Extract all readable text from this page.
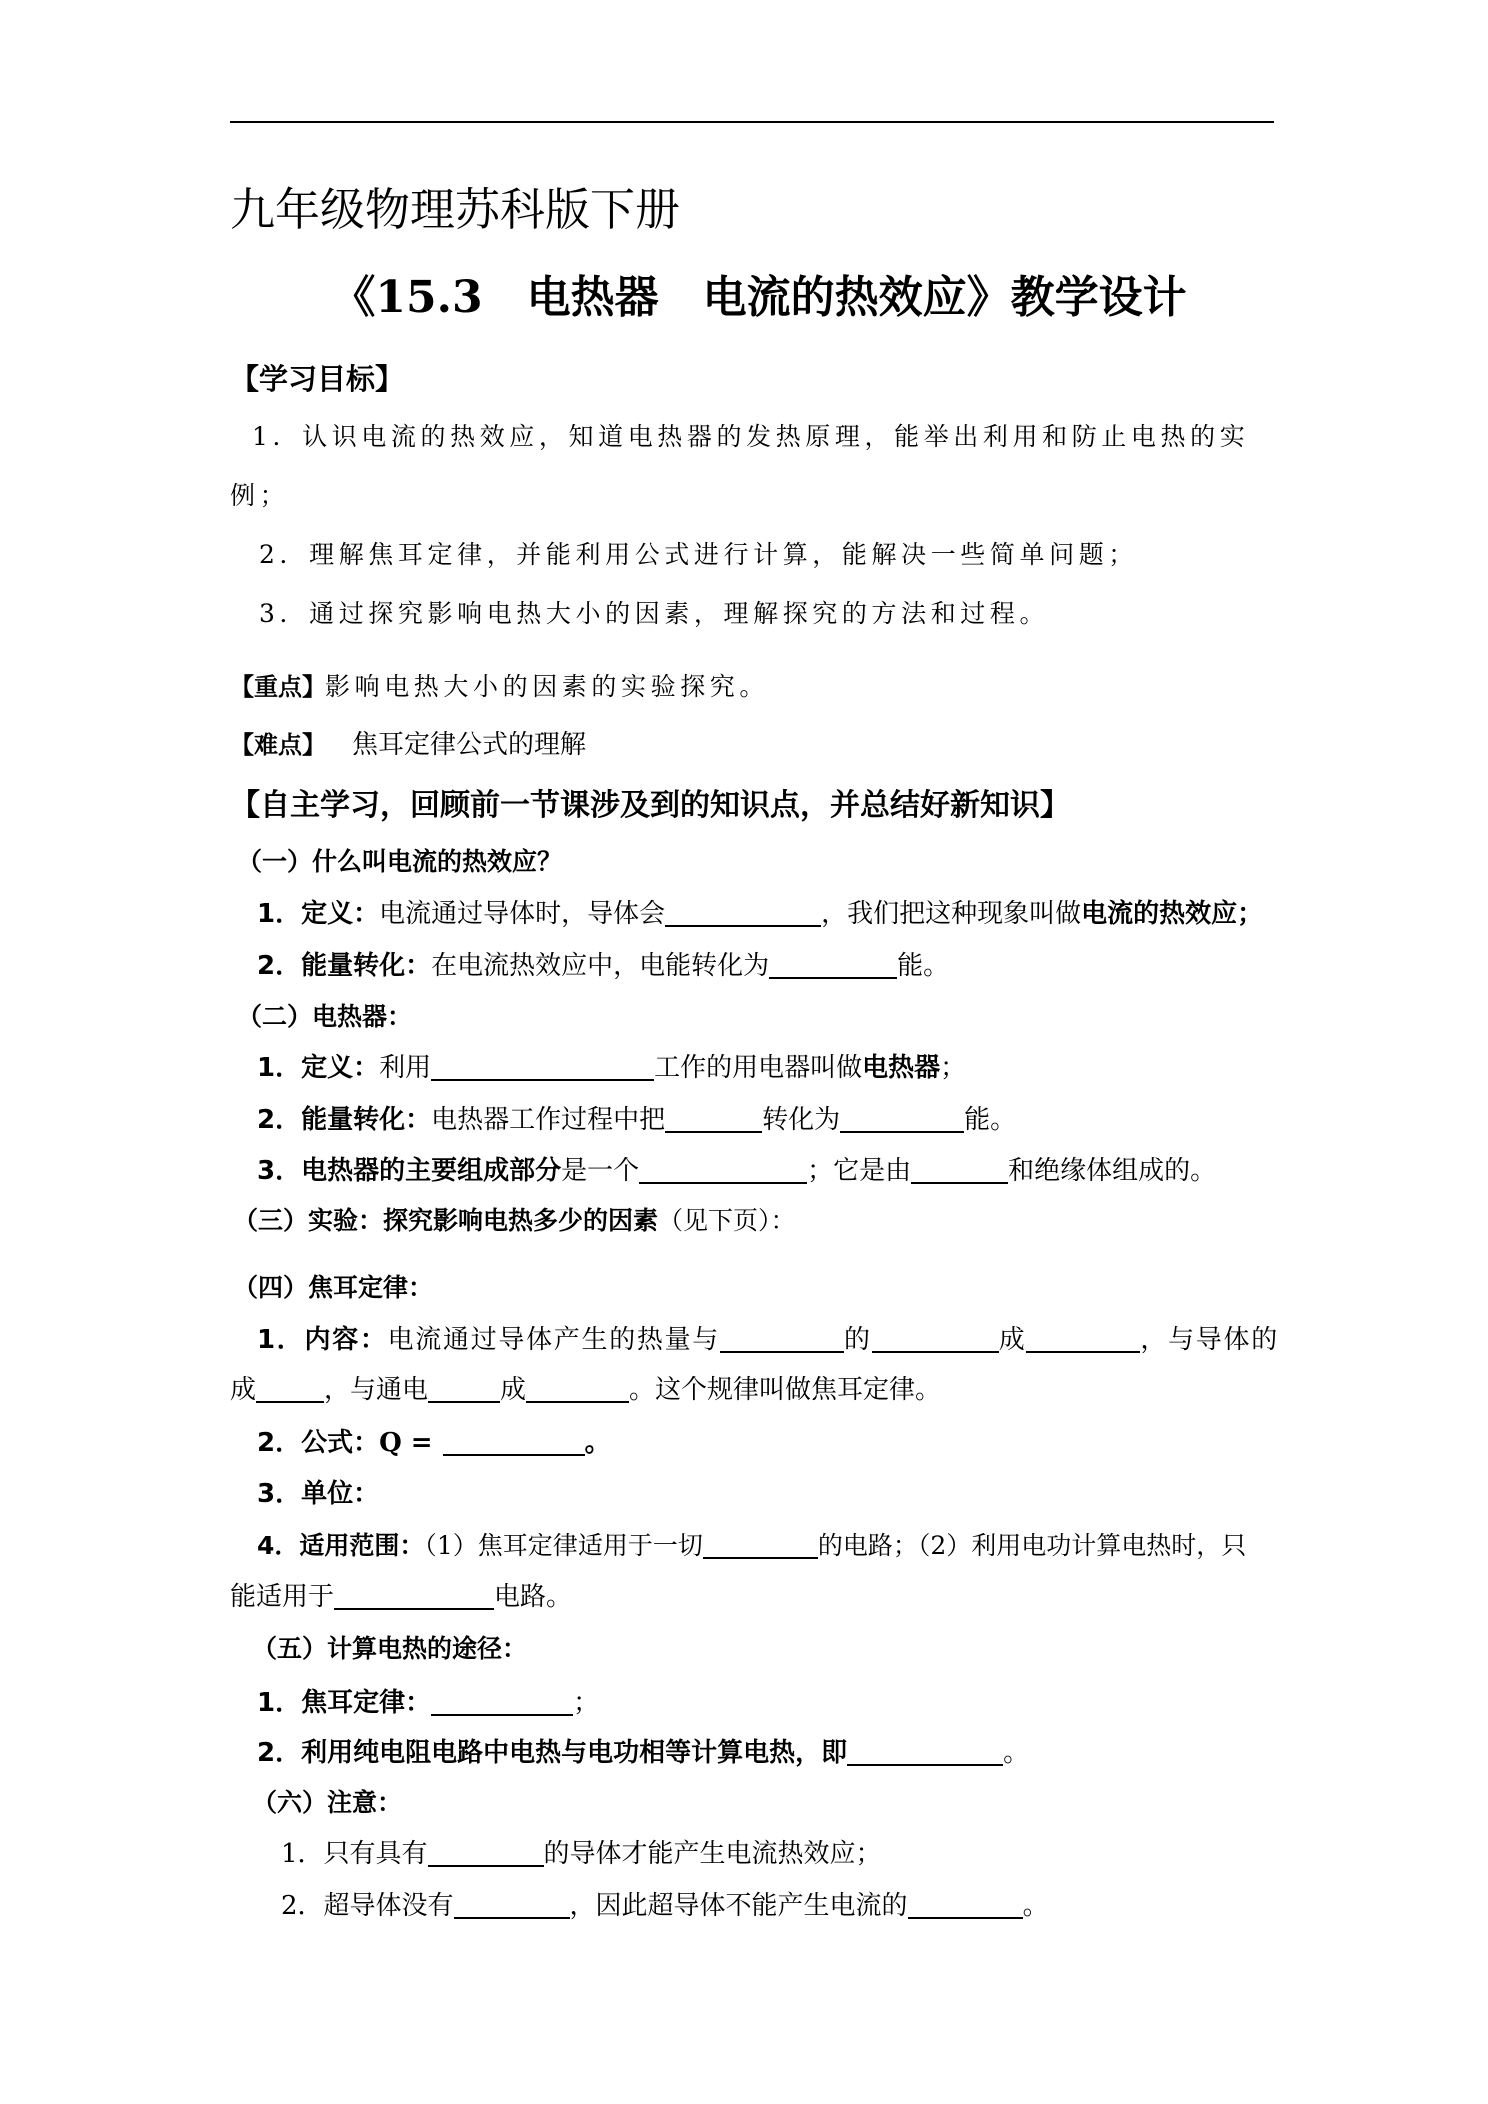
九年级物理苏科版下册
《15.3　电热器　电流的热效应》教学设计
【学习目标】
1．认识电流的热效应，知道电热器的发热原理，能举出利用和防止电热的实
例；
2．理解焦耳定律，并能利用公式进行计算，能解决一些简单问题；
3．通过探究影响电热大小的因素，理解探究的方法和过程。
【重点】 影响电热大小的因素的实验探究。
【难点】 焦耳定律公式的理解
【自主学习，回顾前一节课涉及到的知识点，并总结好新知识】
（一）什么叫电流的热效应？
1．定义：电流通过导体时，导体会	，我们把这种现象叫做电流的热效应；
2．能量转化：在电流热效应中，电能转化为	能。
（二）电热器：
1．定义：利用	工作的用电器叫做电热器；
2．能量转化：电热器工作过程中把	转化为	能。
3．电热器的主要组成部分是一个	；它是由	和绝缘体组成的。
（三）实验：探究影响电热多少的因素（见下页）：
（四）焦耳定律：
1．内容：电流通过导体产生的热量与	的	成	，与导体的
成	，与通电	成	。这个规律叫做焦耳定律。
2．公式：Q =	。
3．单位：
4．适用范围：（1）焦耳定律适用于一切	的电路；（2）利用电功计算电热时，只
能适用于	电路。
（五）计算电热的途径：
1．焦耳定律：	；
2．利用纯电阻电路中电热与电功相等计算电热，即	。
（六）注意：
1．只有具有	的导体才能产生电流热效应；
2．超导体没有	，因此超导体不能产生电流的	。
